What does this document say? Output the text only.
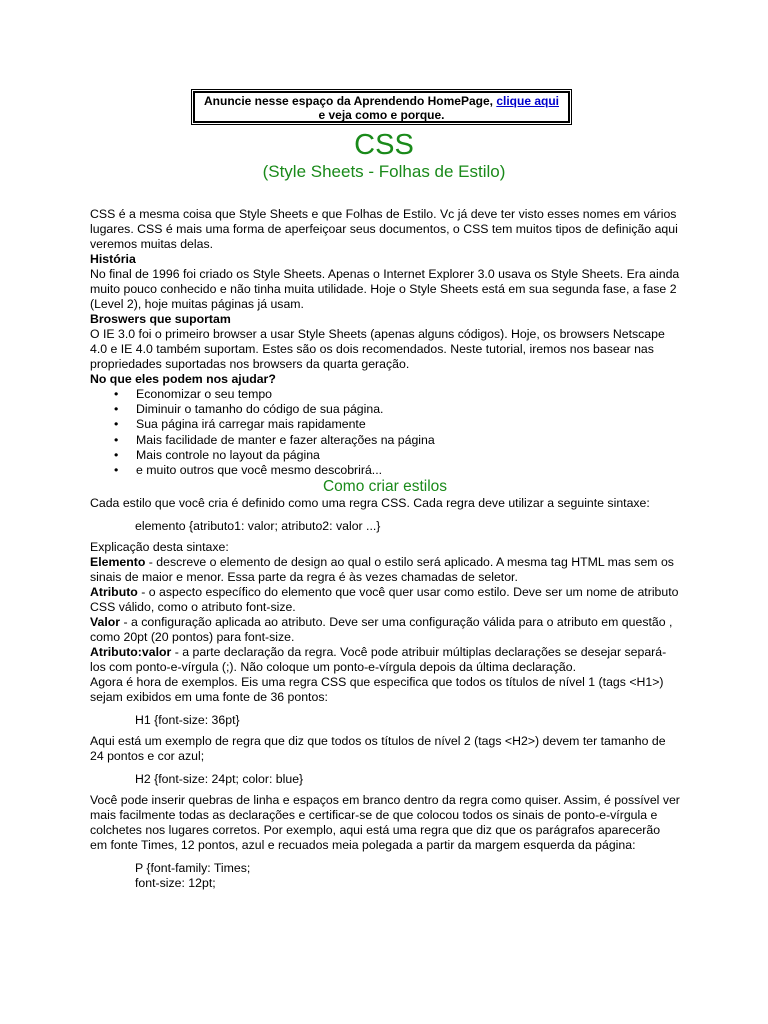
Anuncie nesse espaço da Aprendendo HomePage, clique aqui
e veja como e porque.
CSS
(Style Sheets - Folhas de Estilo)

CSS é a mesma coisa que Style Sheets e que Folhas de Estilo. Vc já deve ter visto esses nomes em vários lugares. CSS é mais uma forma de aperfeiçoar seus documentos, o CSS tem muitos tipos de definição aqui veremos muitas delas.

História

No final de 1996 foi criado os Style Sheets. Apenas o Internet Explorer 3.0 usava os Style Sheets. Era ainda muito pouco conhecido e não tinha muita utilidade. Hoje o Style Sheets está em sua segunda fase, a fase 2 (Level 2), hoje muitas páginas já usam.

Broswers que suportam

O IE 3.0 foi o primeiro browser a usar Style Sheets (apenas alguns códigos). Hoje, os browsers Netscape 4.0 e IE 4.0 também suportam. Estes são os dois recomendados. Neste tutorial, iremos nos basear nas propriedades suportadas nos browsers da quarta geração.

No que eles podem nos ajudar?

• Economizar o seu tempo
• Diminuir o tamanho do código de sua página.
• Sua página irá carregar mais rapidamente
• Mais facilidade de manter e fazer alterações na página
• Mais controle no layout da página
• e muito outros que você mesmo descobrirá...

Como criar estilos

Cada estilo que você cria é definido como uma regra CSS. Cada regra deve utilizar a seguinte sintaxe:

elemento {atributo1: valor; atributo2: valor ...}

Explicação desta sintaxe:

Elemento - descreve o elemento de design ao qual o estilo será aplicado. A mesma tag HTML mas sem os sinais de maior e menor. Essa parte da regra é às vezes chamadas de seletor.

Atributo - o aspecto específico do elemento que você quer usar como estilo. Deve ser um nome de atributo CSS válido, como o atributo font-size.

Valor - a configuração aplicada ao atributo. Deve ser uma configuração válida para o atributo em questão , como 20pt (20 pontos) para font-size.

Atributo:valor - a parte declaração da regra. Você pode atribuir múltiplas declarações se desejar separá-los com ponto-e-vírgula (;). Não coloque um ponto-e-vírgula depois da última declaração.

Agora é hora de exemplos. Eis uma regra CSS que especifica que todos os títulos de nível 1 (tags <H1>) sejam exibidos em uma fonte de 36 pontos:

H1 {font-size: 36pt}

Aqui está um exemplo de regra que diz que todos os títulos de nível 2 (tags <H2>) devem ter tamanho de 24 pontos e cor azul;

H2 {font-size: 24pt; color: blue}

Você pode inserir quebras de linha e espaços em branco dentro da regra como quiser. Assim, é possível ver mais facilmente todas as declarações e certificar-se de que colocou todos os sinais de ponto-e-vírgula e colchetes nos lugares corretos. Por exemplo, aqui está uma regra que diz que os parágrafos aparecerão em fonte Times, 12 pontos, azul e recuados meia polegada a partir da margem esquerda da página:

P {font-family: Times;

font-size: 12pt;
